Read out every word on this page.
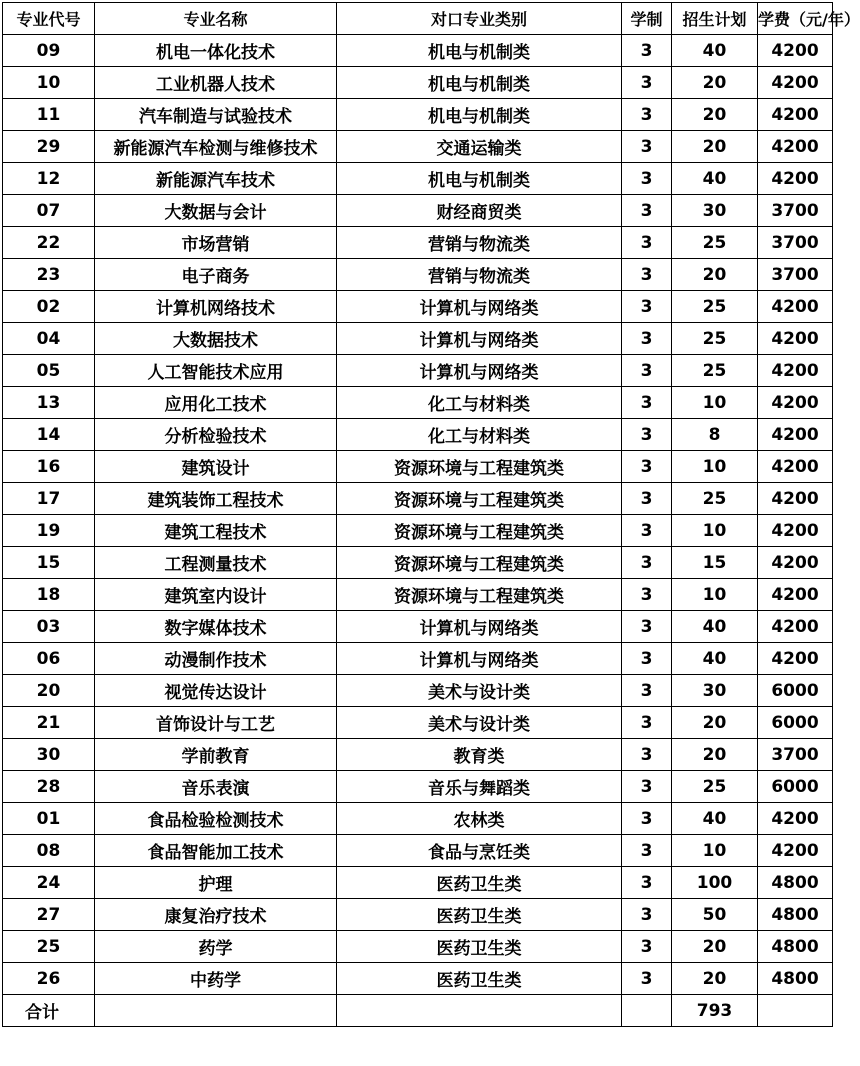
专业代号	专业名称	对口专业类别	学制	招生计划	学费（元/年）
09	机电一体化技术	机电与机制类	3	40	4200
10	工业机器人技术	机电与机制类	3	20	4200
11	汽车制造与试验技术	机电与机制类	3	20	4200
29	新能源汽车检测与维修技术	交通运输类	3	20	4200
12	新能源汽车技术	机电与机制类	3	40	4200
07	大数据与会计	财经商贸类	3	30	3700
22	市场营销	营销与物流类	3	25	3700
23	电子商务	营销与物流类	3	20	3700
02	计算机网络技术	计算机与网络类	3	25	4200
04	大数据技术	计算机与网络类	3	25	4200
05	人工智能技术应用	计算机与网络类	3	25	4200
13	应用化工技术	化工与材料类	3	10	4200
14	分析检验技术	化工与材料类	3	8	4200
16	建筑设计	资源环境与工程建筑类	3	10	4200
17	建筑装饰工程技术	资源环境与工程建筑类	3	25	4200
19	建筑工程技术	资源环境与工程建筑类	3	10	4200
15	工程测量技术	资源环境与工程建筑类	3	15	4200
18	建筑室内设计	资源环境与工程建筑类	3	10	4200
03	数字媒体技术	计算机与网络类	3	40	4200
06	动漫制作技术	计算机与网络类	3	40	4200
20	视觉传达设计	美术与设计类	3	30	6000
21	首饰设计与工艺	美术与设计类	3	20	6000
30	学前教育	教育类	3	20	3700
28	音乐表演	音乐与舞蹈类	3	25	6000
01	食品检验检测技术	农林类	3	40	4200
08	食品智能加工技术	食品与烹饪类	3	10	4200
24	护理	医药卫生类	3	100	4800
27	康复治疗技术	医药卫生类	3	50	4800
25	药学	医药卫生类	3	20	4800
26	中药学	医药卫生类	3	20	4800
合计				793	
